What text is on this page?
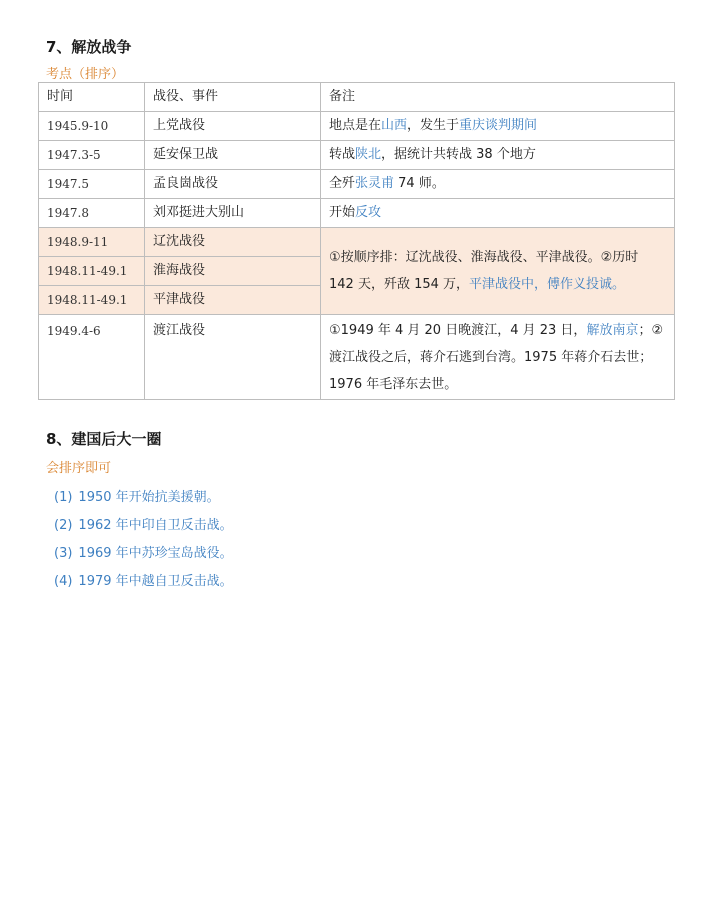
7、解放战争
考点（排序）
时间	战役、事件	备注
1945.9-10	上党战役	地点是在山西，发生于重庆谈判期间
1947.3-5	延安保卫战	转战陕北，据统计共转战 38 个地方
1947.5	孟良崮战役	全歼张灵甫 74 师。
1947.8	刘邓挺进大别山	开始反攻
1948.9-11	辽沈战役	①按顺序排：辽沈战役、淮海战役、平津战役。②历时 142 天，歼敌 154 万，平津战役中，傅作义投诚。
1948.11-49.1	淮海战役	
1948.11-49.1	平津战役	
1949.4-6	渡江战役	①1949 年 4 月 20 日晚渡江，4 月 23 日，解放南京；②渡江战役之后，蒋介石逃到台湾。1975 年蒋介石去世；1976 年毛泽东去世。
8、建国后大一圈
会排序即可
(1) 1950 年开始抗美援朝。
(2) 1962 年中印自卫反击战。
(3) 1969 年中苏珍宝岛战役。
(4) 1979 年中越自卫反击战。
